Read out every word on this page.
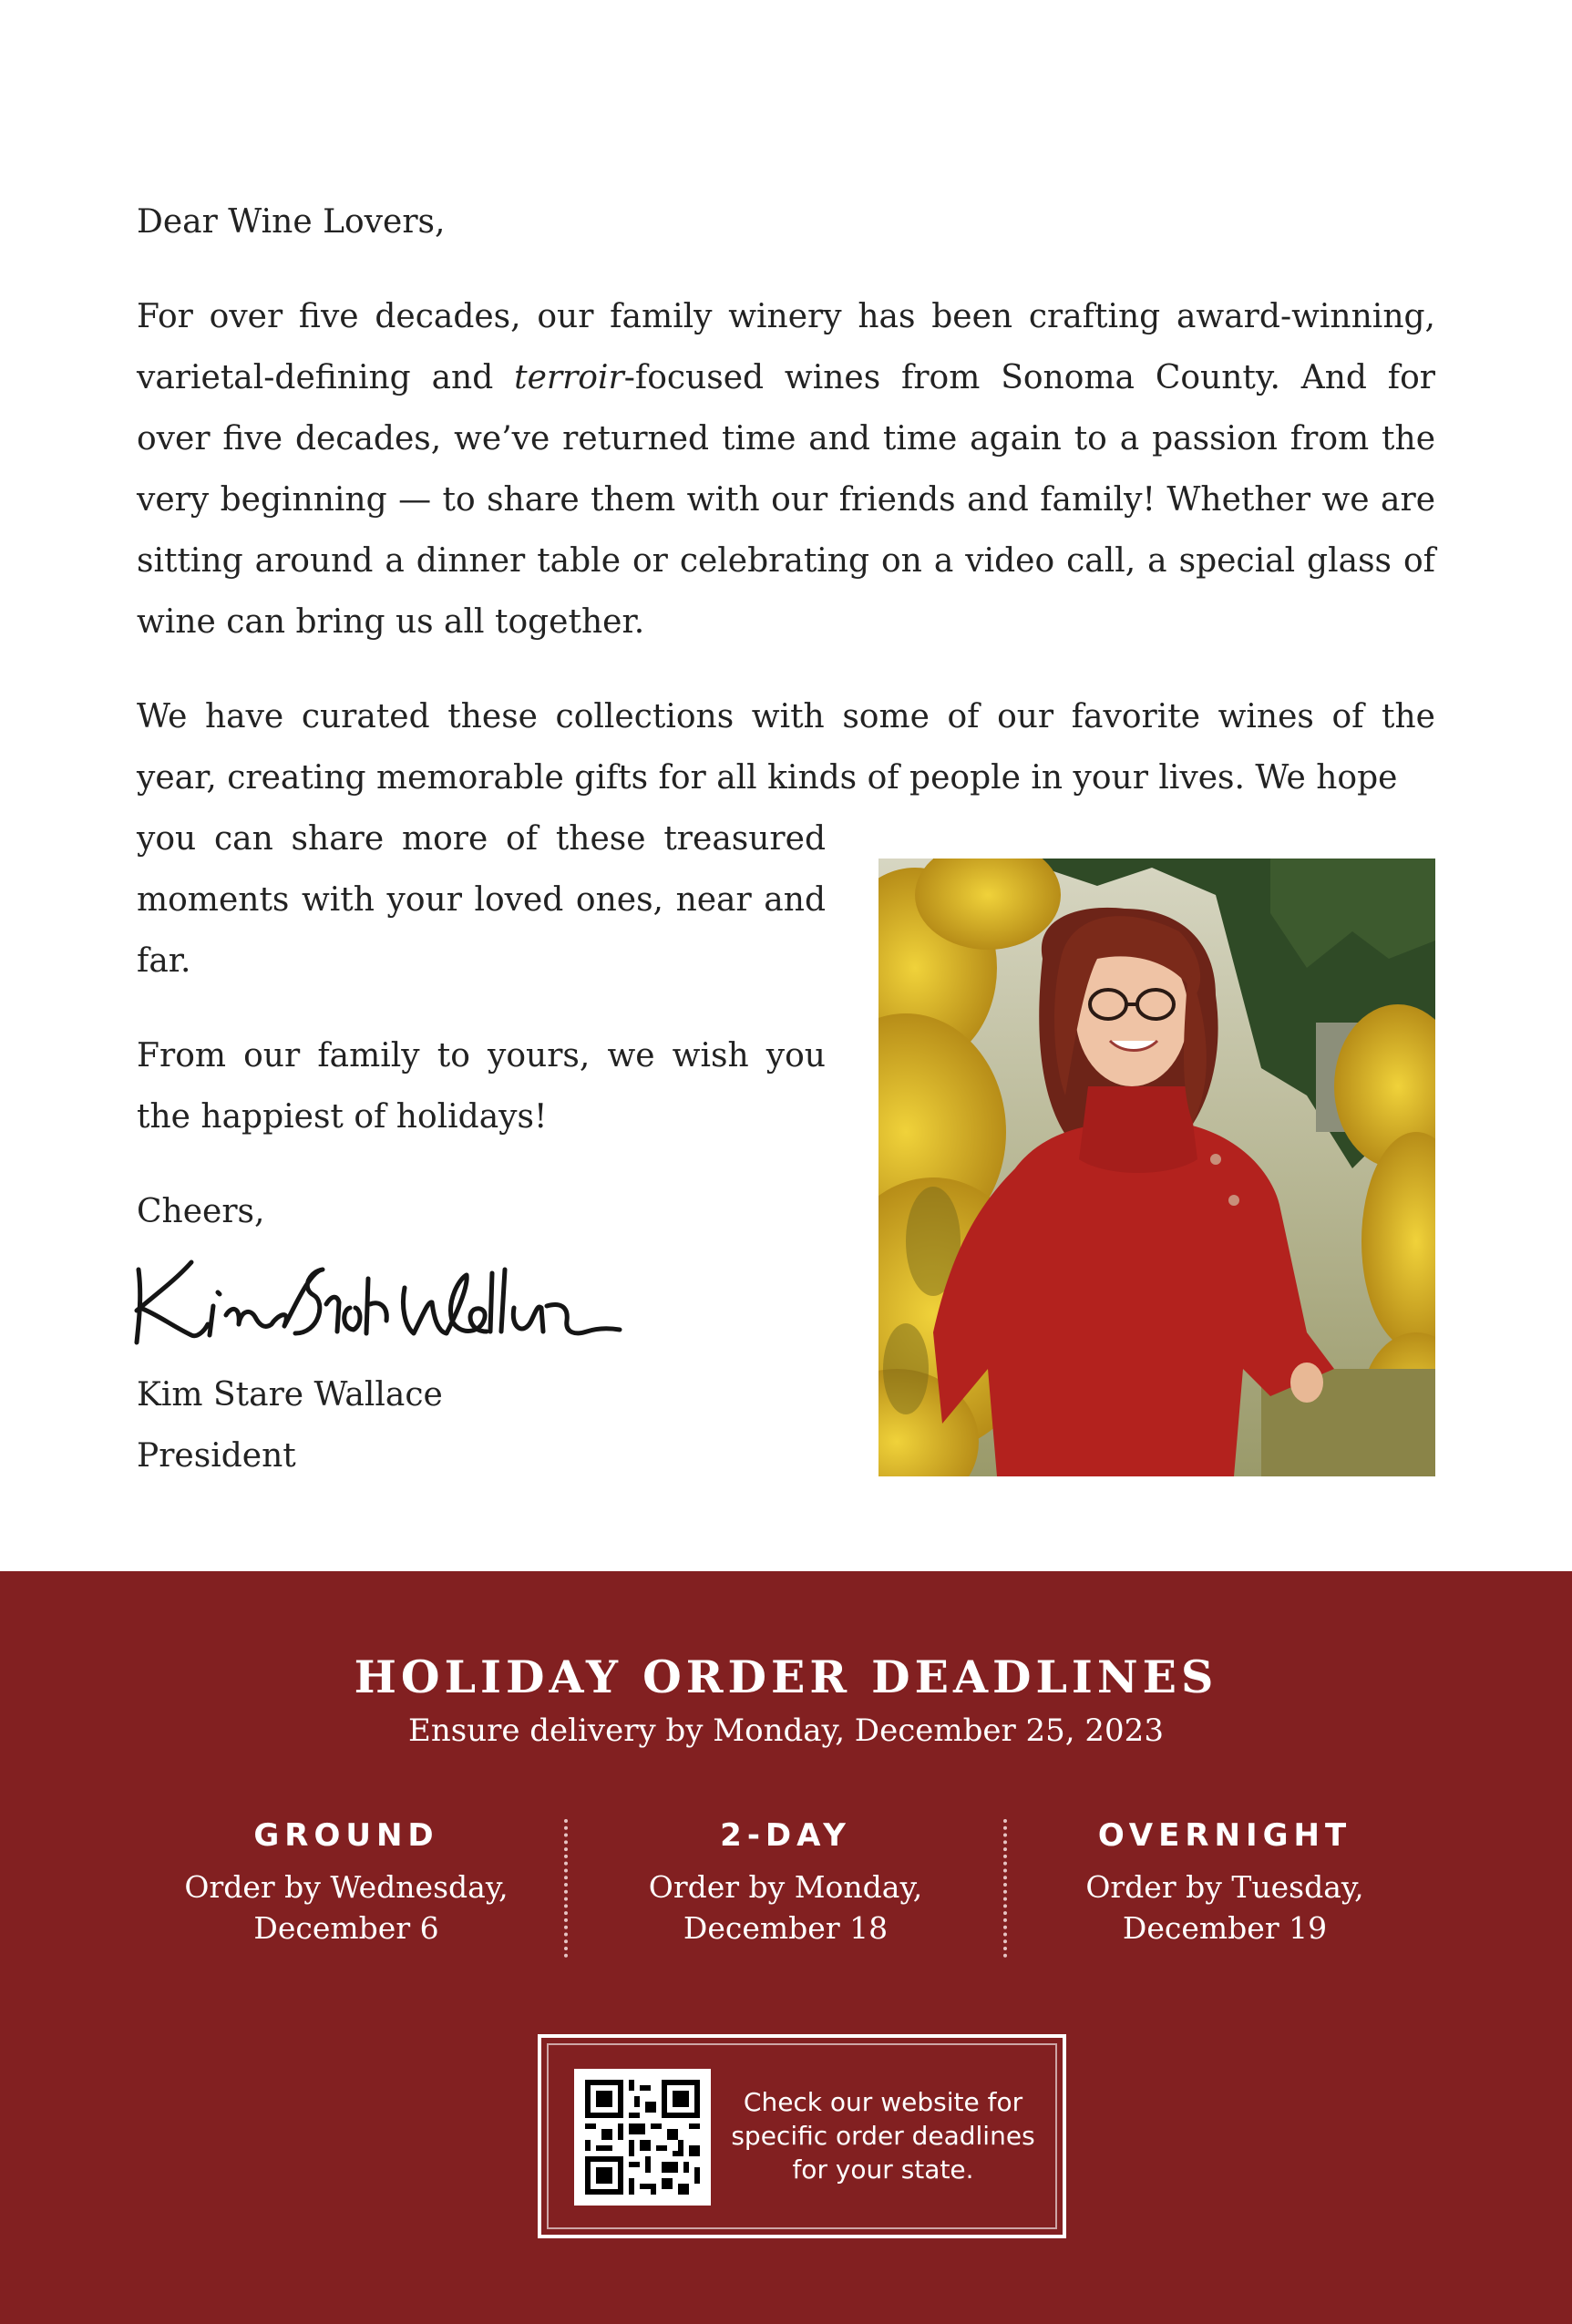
Dear Wine Lovers,

For over five decades, our family winery has been crafting award-winning, varietal-defining and terroir-focused wines from Sonoma County. And for over five decades, we’ve returned time and time again to a passion from the very beginning — to share them with our friends and family! Whether we are sitting around a dinner table or celebrating on a video call, a special glass of wine can bring us all together.

We have curated these collections with some of our favorite wines of the year, creating memorable gifts for all kinds of people in your lives. We hope

you can share more of these treasured moments with your loved ones, near and far.

From our family to yours, we wish you the happiest of holidays!

Cheers,

Kim Stare Wallace
President
HOLIDAY ORDER DEADLINES
Ensure delivery by Monday, December 25, 2023
GROUND
Order by Wednesday,
December 6
2-DAY
Order by Monday,
December 18
OVERNIGHT
Order by Tuesday,
December 19
Check our website for specific order deadlines for your state.
